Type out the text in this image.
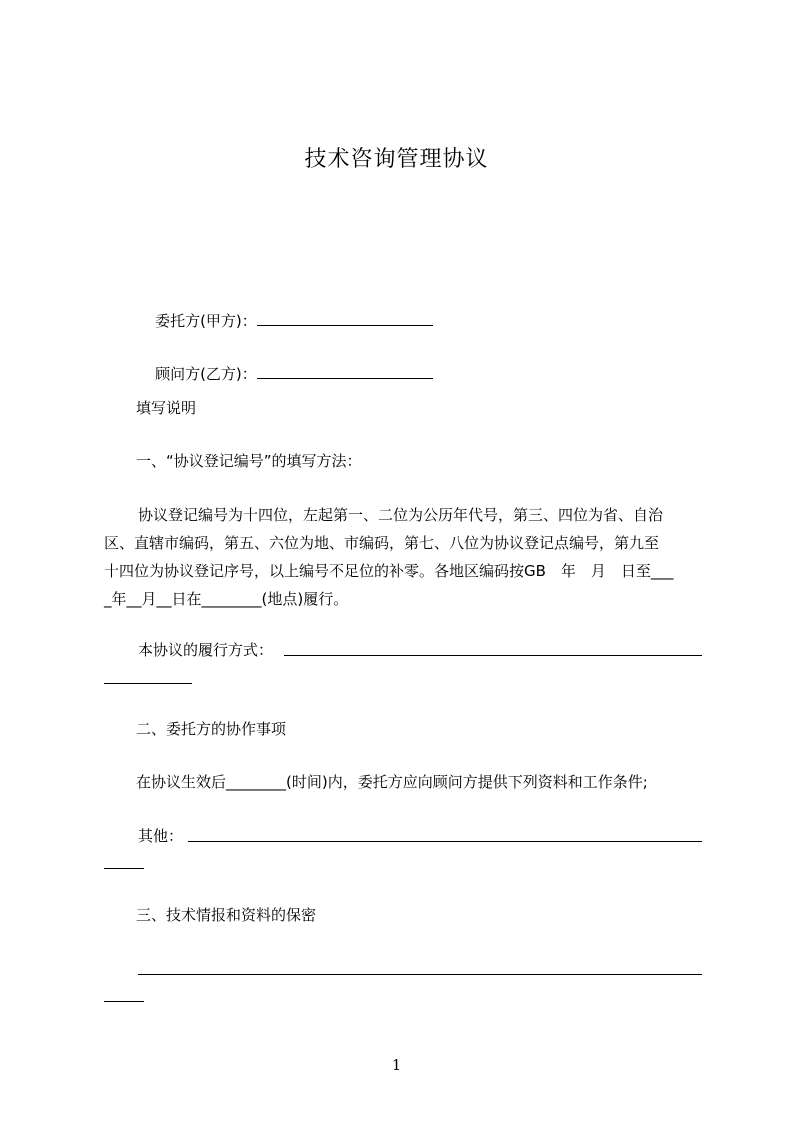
技术咨询管理协议

委托方(甲方)：

顾问方(乙方)：

填写说明
一、“协议登记编号”的填写方法：
协议登记编号为十四位，左起第一、二位为公历年代号，第三、四位为省、自治
区、直辖市编码，第五、六位为地、市编码，第七、八位为协议登记点编号，第九至
十四位为协议登记序号，以上编号不足位的补零。各地区编码按GB　年　月　日至___
_年__月__日在________(地点)履行。
本协议的履行方式：
二、委托方的协作事项
在协议生效后________(时间)内，委托方应向顾问方提供下列资料和工作条件;
其他：
三、技术情报和资料的保密
1
